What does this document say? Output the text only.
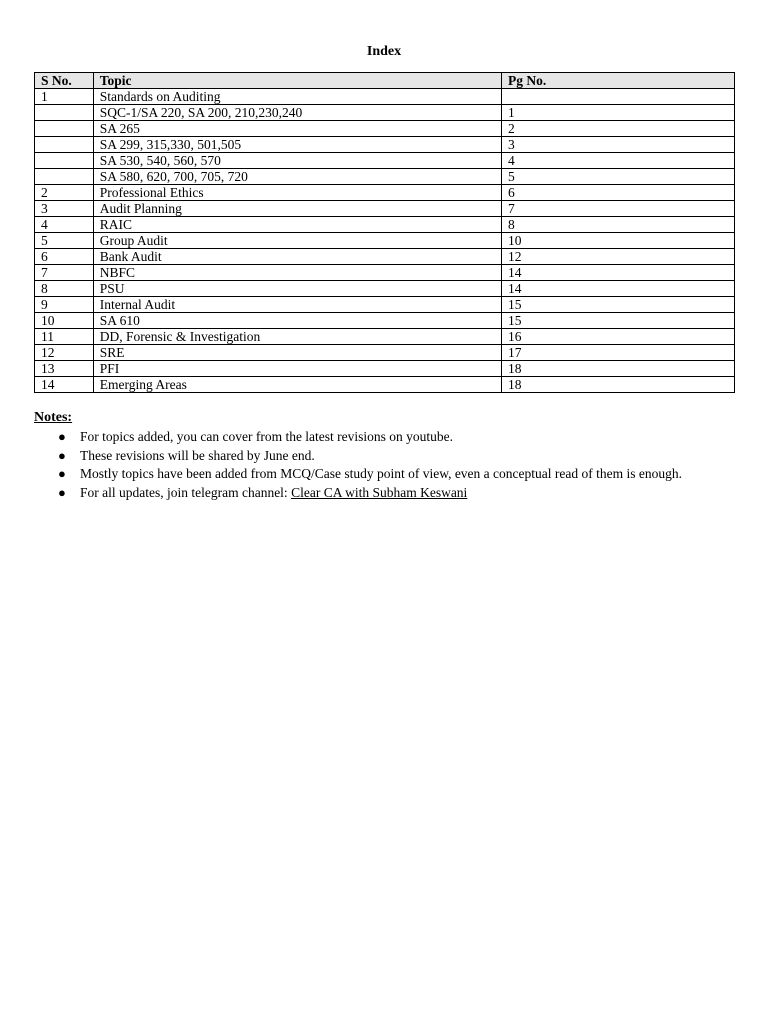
Index
S No.	Topic	Pg No.
1	Standards on Auditing	
	SQC-1/SA 220, SA 200, 210,230,240	1
	SA 265	2
	SA 299, 315,330, 501,505	3
	SA 530, 540, 560, 570	4
	SA 580, 620, 700, 705, 720	5
2	Professional Ethics	6
3	Audit Planning	7
4	RAIC	8
5	Group Audit	10
6	Bank Audit	12
7	NBFC	14
8	PSU	14
9	Internal Audit	15
10	SA 610	15
11	DD, Forensic & Investigation	16
12	SRE	17
13	PFI	18
14	Emerging Areas	18
Notes:
● For topics added, you can cover from the latest revisions on youtube.
● These revisions will be shared by June end.
● Mostly topics have been added from MCQ/Case study point of view, even a conceptual read of them is enough.
● For all updates, join telegram channel: Clear CA with Subham Keswani
